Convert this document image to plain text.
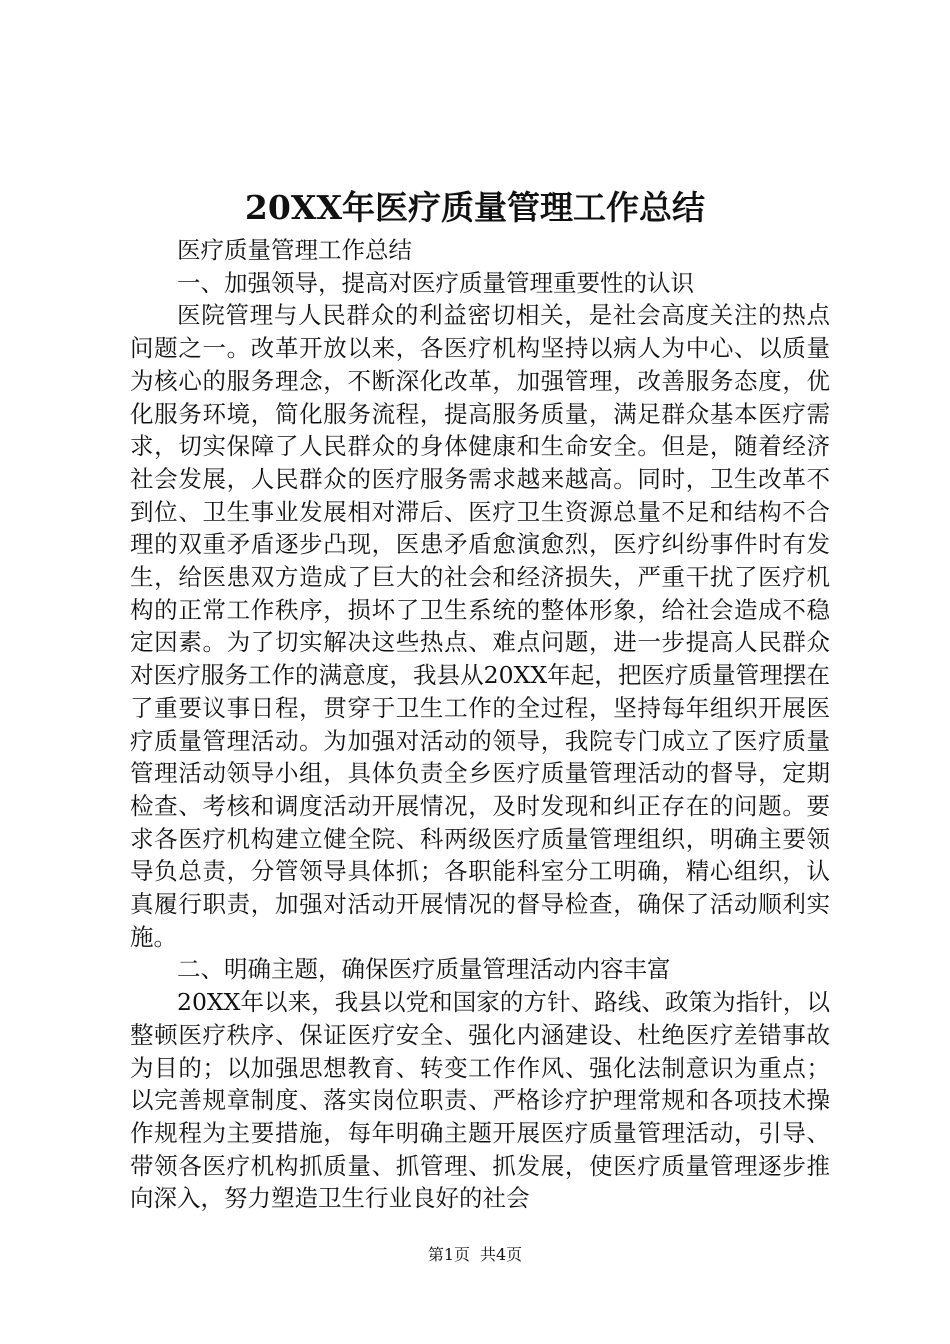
20XX年医疗质量管理工作总结

医疗质量管理工作总结

一、加强领导，提高对医疗质量管理重要性的认识

医院管理与人民群众的利益密切相关，是社会高度关注的热点问题之一。改革开放以来，各医疗机构坚持以病人为中心、以质量为核心的服务理念，不断深化改革，加强管理，改善服务态度，优化服务环境，简化服务流程，提高服务质量，满足群众基本医疗需求，切实保障了人民群众的身体健康和生命安全。但是，随着经济社会发展，人民群众的医疗服务需求越来越高。同时，卫生改革不到位、卫生事业发展相对滞后、医疗卫生资源总量不足和结构不合理的双重矛盾逐步凸现，医患矛盾愈演愈烈，医疗纠纷事件时有发生，给医患双方造成了巨大的社会和经济损失，严重干扰了医疗机构的正常工作秩序，损坏了卫生系统的整体形象，给社会造成不稳定因素。为了切实解决这些热点、难点问题，进一步提高人民群众对医疗服务工作的满意度，我县从20XX年起，把医疗质量管理摆在了重要议事日程，贯穿于卫生工作的全过程，坚持每年组织开展医疗质量管理活动。为加强对活动的领导，我院专门成立了医疗质量管理活动领导小组，具体负责全乡医疗质量管理活动的督导，定期检查、考核和调度活动开展情况，及时发现和纠正存在的问题。要求各医疗机构建立健全院、科两级医疗质量管理组织，明确主要领导负总责，分管领导具体抓；各职能科室分工明确，精心组织，认真履行职责，加强对活动开展情况的督导检查，确保了活动顺利实施。

二、明确主题，确保医疗质量管理活动内容丰富

20XX年以来，我县以党和国家的方针、路线、政策为指针，以整顿医疗秩序、保证医疗安全、强化内涵建设、杜绝医疗差错事故为目的；以加强思想教育、转变工作作风、强化法制意识为重点；以完善规章制度、落实岗位职责、严格诊疗护理常规和各项技术操作规程为主要措施，每年明确主题开展医疗质量管理活动，引导、带领各医疗机构抓质量、抓管理、抓发展，使医疗质量管理逐步推向深入，努力塑造卫生行业良好的社会

第1页 共4页
